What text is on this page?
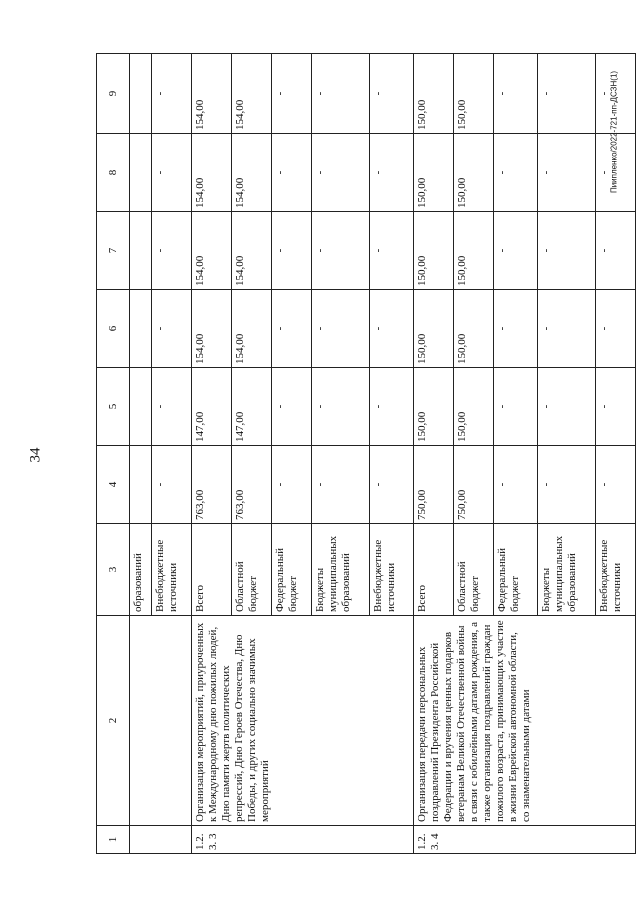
34
Пиипленко/2022-721-пп-ДСЗН(1)
1	2	3	4	5	6	7	8	9
		образований						
		Внебюджетные источники	-	-	-	-	-	-
1.2.3. 3	Организация мероприятий, приуроченных к Международному дню пожилых людей, Дню памяти жертв политических репрессий, Дню Героев Отечества, Дню Победы, и других социально значимых мероприятий	Всего	763,00	147,00	154,00	154,00	154,00	154,00
		Областной бюджет	763,00	147,00	154,00	154,00	154,00	154,00
		Федеральный бюджет	-	-	-	-	-	-
		Бюджеты муниципальных образований	-	-	-	-	-	-
		Внебюджетные источники	-	-	-	-	-	-
1.2.3. 4	Организация передачи персональных поздравлений Президента Российской Федерации и вручения ценных подарков ветеранам Великой Отечественной войны в связи с юбилейными датами рождения, а также организация поздравлений граждан пожилого возраста, принимающих участие в жизни Еврейской автономной области, со знаменательными датами	Всего	750,00	150,00	150,00	150,00	150,00	150,00
		Областной бюджет	750,00	150,00	150,00	150,00	150,00	150,00
		Федеральный бюджет	-	-	-	-	-	-
		Бюджеты муниципальных образований	-	-	-	-	-	-
		Внебюджетные источники	-	-	-	-	-	-
